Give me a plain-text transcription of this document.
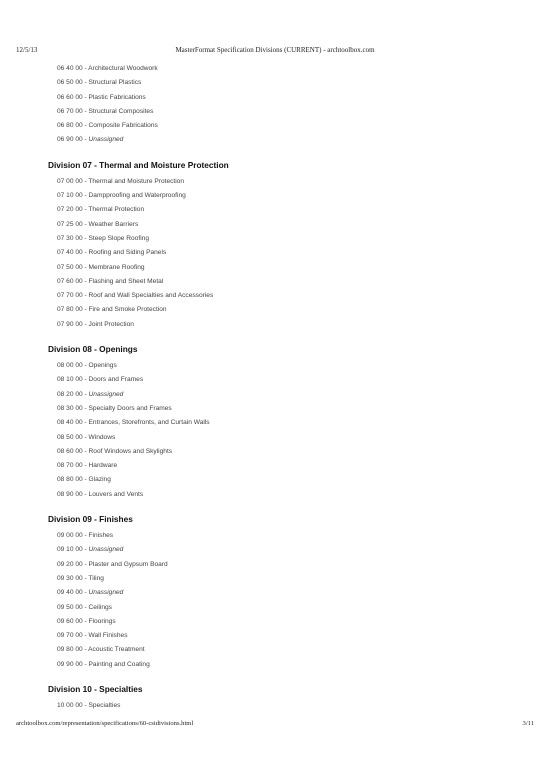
12/5/13	MasterFormat Specification Divisions (CURRENT) - archtoolbox.com
06 40 00 - Architectural Woodwork
06 50 00 - Structural Plastics
06 60 00 - Plastic Fabrications
06 70 00 - Structural Composites
06 80 00 - Composite Fabrications
06 90 00 - Unassigned
Division 07 - Thermal and Moisture Protection
07 00 00 - Thermal and Moisture Protection
07 10 00 - Dampproofing and Waterproofing
07 20 00 - Thermal Protection
07 25 00 - Weather Barriers
07 30 00 - Steep Slope Roofing
07 40 00 - Roofing and Siding Panels
07 50 00 - Membrane Roofing
07 60 00 - Flashing and Sheet Metal
07 70 00 - Roof and Wall Specialties and Accessories
07 80 00 - Fire and Smoke Protection
07 90 00 - Joint Protection
Division 08 - Openings
08 00 00 - Openings
08 10 00 - Doors and Frames
08 20 00 - Unassigned
08 30 00 - Specialty Doors and Frames
08 40 00 - Entrances, Storefronts, and Curtain Walls
08 50 00 - Windows
08 60 00 - Roof Windows and Skylights
08 70 00 - Hardware
08 80 00 - Glazing
08 90 00 - Louvers and Vents
Division 09 - Finishes
09 00 00 - Finishes
09 10 00 - Unassigned
09 20 00 - Plaster and Gypsum Board
09 30 00 - Tiling
09 40 00 - Unassigned
09 50 00 - Ceilings
09 60 00 - Floorings
09 70 00 - Wall Finishes
09 80 00 - Acoustic Treatment
09 90 00 - Painting and Coating
Division 10 - Specialties
10 00 00 - Specialties
archtoolbox.com/representation/specifications/60-csidivisions.html	3/11
